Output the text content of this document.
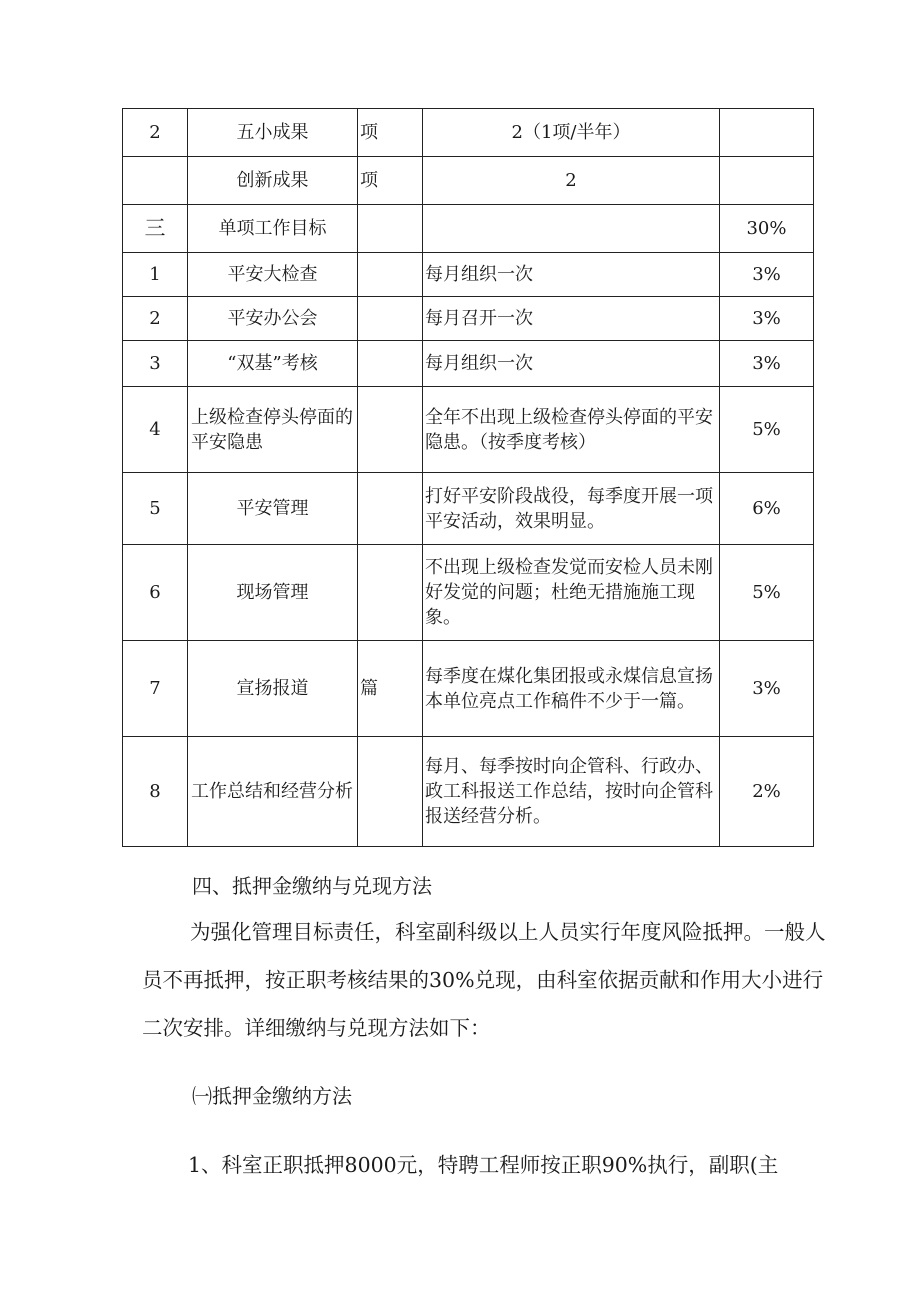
2	五小成果	项	2（1项/半年）	
	创新成果	项	2	
三	单项工作目标			30%
1	平安大检查		每月组织一次	3%
2	平安办公会		每月召开一次	3%
3	“双基”考核		每月组织一次	3%
4	上级检查停头停面的平安隐患		全年不出现上级检查停头停面的平安隐患。（按季度考核）	5%
5	平安管理		打好平安阶段战役，每季度开展一项平安活动，效果明显。	6%
6	现场管理		不出现上级检查发觉而安检人员未刚好发觉的问题；杜绝无措施施工现象。	5%
7	宣扬报道	篇	每季度在煤化集团报或永煤信息宣扬本单位亮点工作稿件不少于一篇。	3%
8	工作总结和经营分析		每月、每季按时向企管科、行政办、政工科报送工作总结，按时向企管科报送经营分析。	2%

四、抵押金缴纳与兑现方法

为强化管理目标责任，科室副科级以上人员实行年度风险抵押。一般人员不再抵押，按正职考核结果的30%兑现，由科室依据贡献和作用大小进行二次安排。详细缴纳与兑现方法如下：

㈠抵押金缴纳方法

1、科室正职抵押8000元，特聘工程师按正职90%执行，副职(主
